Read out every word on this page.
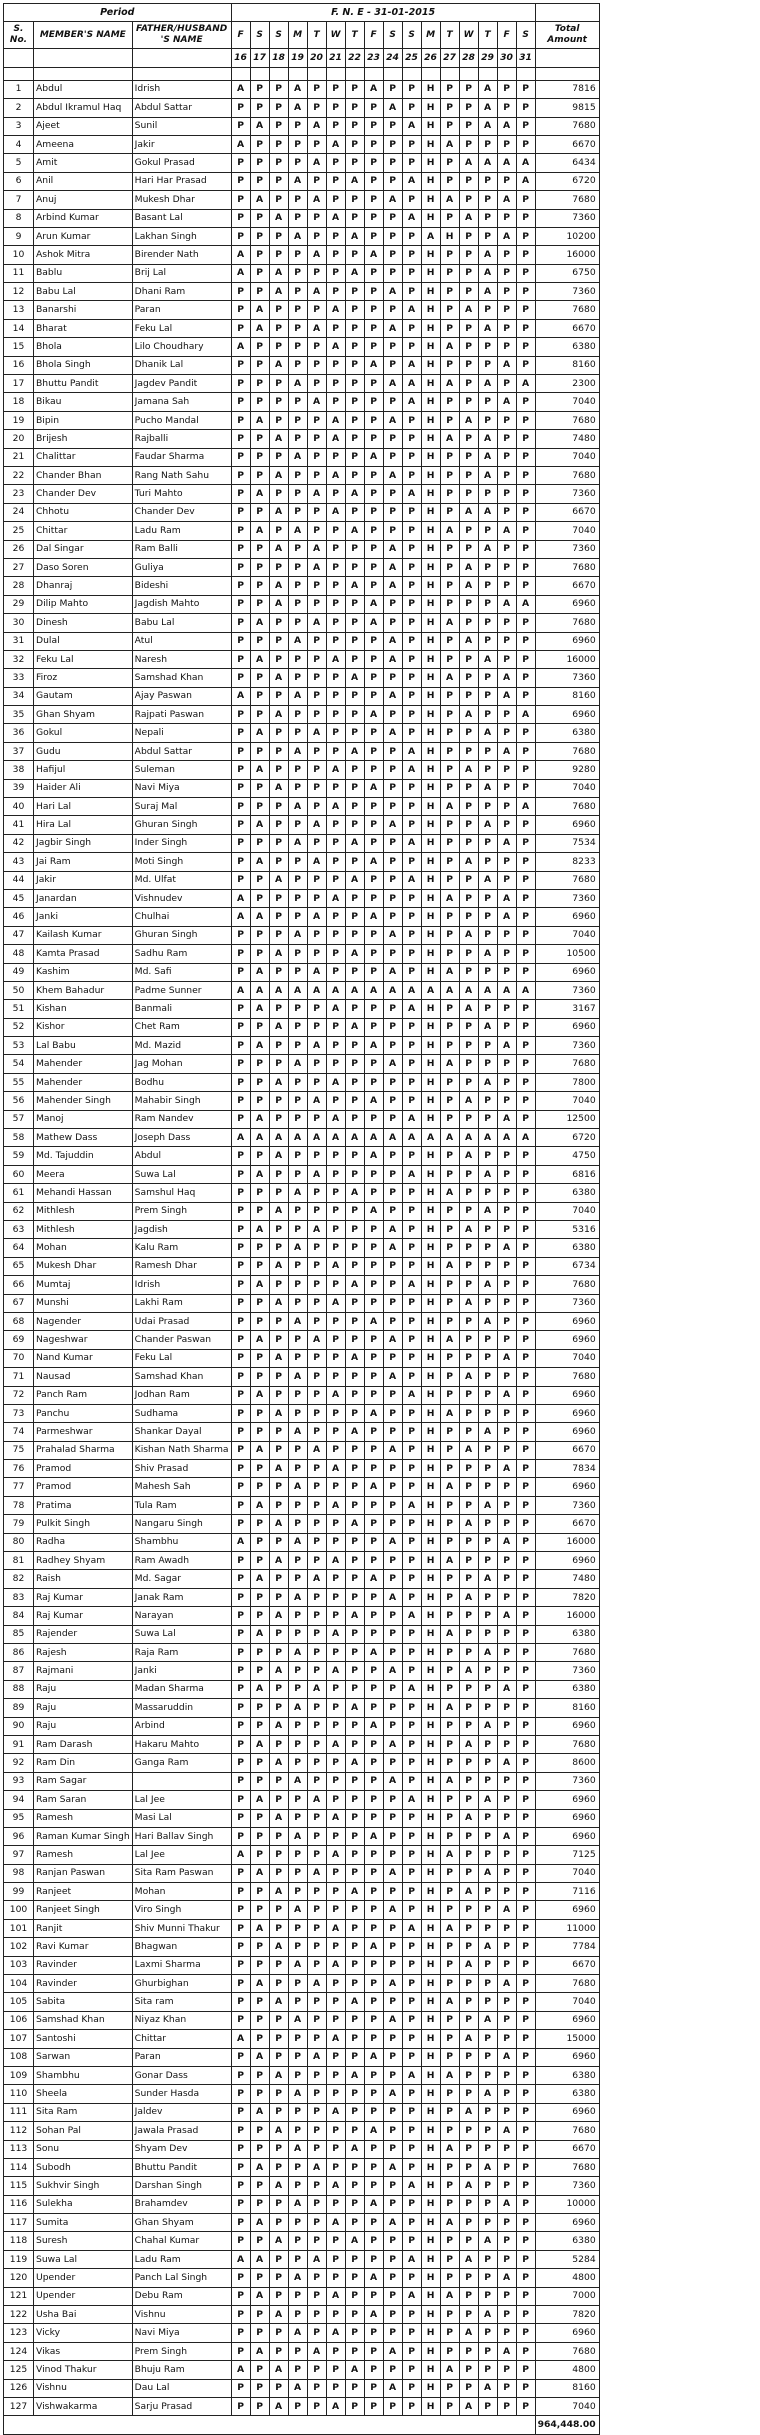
Period			F. N. E - 31-01-2015																
S. No.	MEMBER'S NAME	FATHER/HUSBAND 'S NAME	F	S	S	M	T	W	T	F	S	S	M	T	W	T	F	S	Total Amount
			16	17	18	19	20	21	22	23	24	25	26	27	28	29	30	31	

1	Abdul	Idrish	A	P	P	A	P	P	P	A	P	P	H	P	P	A	P	P	7816
2	Abdul Ikramul Haq	Abdul Sattar	P	P	P	A	P	P	P	P	A	P	H	P	P	A	P	P	9815
3	Ajeet	Sunil	P	A	P	P	A	P	P	P	P	A	H	P	P	A	A	P	7680
4	Ameena	Jakir	A	P	P	P	P	A	P	P	P	P	H	A	P	P	P	P	6670
5	Amit	Gokul Prasad	P	P	P	P	A	P	P	P	P	P	H	P	A	A	A	A	6434
6	Anil	Hari Har Prasad	P	P	P	A	P	P	A	P	P	A	H	P	P	P	P	A	6720
7	Anuj	Mukesh Dhar	P	A	P	P	A	P	P	P	A	P	H	A	P	P	A	P	7680
8	Arbind Kumar	Basant Lal	P	P	A	P	P	A	P	P	P	A	H	P	A	P	P	P	7360
9	Arun Kumar	Lakhan Singh	P	P	P	A	P	P	A	P	P	P	A	H	P	P	A	P	10200
10	Ashok Mitra	Birender Nath	A	P	P	P	A	P	P	A	P	P	H	P	P	A	P	P	16000
11	Bablu	Brij Lal	A	P	A	P	P	P	A	P	P	P	H	P	P	A	P	P	6750
12	Babu Lal	Dhani Ram	P	P	A	P	A	P	P	P	A	P	H	P	P	A	P	P	7360
13	Banarshi	Paran	P	A	P	P	P	A	P	P	P	A	H	P	A	P	P	P	7680
14	Bharat	Feku Lal	P	A	P	P	A	P	P	P	A	P	H	P	P	A	P	P	6670
15	Bhola	Lilo Choudhary	A	P	P	P	P	A	P	P	P	P	H	A	P	P	P	P	6380
16	Bhola Singh	Dhanik Lal	P	P	A	P	P	P	P	A	P	A	H	P	P	P	A	P	8160
17	Bhuttu Pandit	Jagdev Pandit	P	P	P	A	P	P	P	P	A	A	H	A	P	A	P	A	2300
18	Bikau	Jamana Sah	P	P	P	P	A	P	P	P	P	A	H	P	P	P	A	P	7040
19	Bipin	Pucho Mandal	P	A	P	P	P	A	P	P	A	P	H	P	A	P	P	P	7680
20	Brijesh	Rajballi	P	P	A	P	P	A	P	P	P	P	H	A	P	A	P	P	7480
21	Chalittar	Faudar Sharma	P	P	P	A	P	P	P	A	P	P	H	P	P	A	P	P	7040
22	Chander Bhan	Rang Nath Sahu	P	P	A	P	P	A	P	P	A	P	H	P	P	A	P	P	7680
23	Chander Dev	Turi Mahto	P	A	P	P	A	P	A	P	P	A	H	P	P	P	P	P	7360
24	Chhotu	Chander Dev	P	P	A	P	P	A	P	P	P	P	H	P	A	A	P	P	6670
25	Chittar	Ladu Ram	P	A	P	A	P	P	A	P	P	P	H	A	P	P	A	P	7040
26	Dal Singar	Ram Balli	P	P	A	P	A	P	P	P	A	P	H	P	P	A	P	P	7360
27	Daso Soren	Guliya	P	P	P	P	A	P	P	P	A	P	H	P	A	P	P	P	7680
28	Dhanraj	Bideshi	P	P	A	P	P	P	A	P	A	P	H	P	A	P	P	P	6670
29	Dilip Mahto	Jagdish Mahto	P	P	A	P	P	P	P	A	P	P	H	P	P	P	A	A	6960
30	Dinesh	Babu Lal	P	A	P	P	A	P	P	A	P	P	H	A	P	P	P	P	7680
31	Dulal	Atul	P	P	P	A	P	P	P	P	A	P	H	P	A	P	P	P	6960
32	Feku Lal	Naresh	P	A	P	P	P	A	P	P	A	P	H	P	P	A	P	P	16000
33	Firoz	Samshad Khan	P	P	A	P	P	P	A	P	P	P	H	A	P	P	A	P	7360
34	Gautam	Ajay Paswan	A	P	P	A	P	P	P	P	A	P	H	P	P	P	A	P	8160
35	Ghan Shyam	Rajpati Paswan	P	P	A	P	P	P	P	A	P	P	H	P	A	P	P	A	6960
36	Gokul	Nepali	P	A	P	P	A	P	P	P	A	P	H	P	P	A	P	P	6380
37	Gudu	Abdul Sattar	P	P	P	A	P	P	A	P	P	A	H	P	P	P	A	P	7680
38	Hafijul	Suleman	P	A	P	P	P	A	P	P	P	A	H	P	A	P	P	P	9280
39	Haider Ali	Navi Miya	P	P	A	P	P	P	P	A	P	P	H	P	P	A	P	P	7040
40	Hari Lal	Suraj Mal	P	P	P	A	P	A	P	P	P	P	H	A	P	P	P	A	7680
41	Hira Lal	Ghuran Singh	P	A	P	P	A	P	P	P	A	P	H	P	P	A	P	P	6960
42	Jagbir Singh	Inder Singh	P	P	P	A	P	P	A	P	P	A	H	P	P	P	A	P	7534
43	Jai Ram	Moti Singh	P	A	P	P	A	P	P	A	P	P	H	P	A	P	P	P	8233
44	Jakir	Md. Ulfat	P	P	A	P	P	P	A	P	P	A	H	P	P	A	P	P	7680
45	Janardan	Vishnudev	A	P	P	P	P	A	P	P	P	P	H	A	P	P	A	P	7360
46	Janki	Chulhai	A	A	P	P	A	P	P	A	P	P	H	P	P	P	A	P	6960
47	Kailash Kumar	Ghuran Singh	P	P	P	A	P	P	P	P	A	P	H	P	A	P	P	P	7040
48	Kamta Prasad	Sadhu Ram	P	P	A	P	P	P	A	P	P	P	H	P	P	A	P	P	10500
49	Kashim	Md. Safi	P	A	P	P	A	P	P	P	A	P	H	A	P	P	P	P	6960
50	Khem Bahadur	Padme Sunner	A	A	A	A	A	A	A	A	A	A	A	A	A	A	A	A	7360
51	Kishan	Banmali	P	A	P	P	P	A	P	P	P	A	H	P	A	P	P	P	3167
52	Kishor	Chet Ram	P	P	A	P	P	P	A	P	P	P	H	P	P	A	P	P	6960
53	Lal Babu	Md. Mazid	P	A	P	P	A	P	P	A	P	P	H	P	P	P	A	P	7360
54	Mahender	Jag Mohan	P	P	P	A	P	P	P	P	A	P	H	A	P	P	P	P	7680
55	Mahender	Bodhu	P	P	A	P	P	A	P	P	P	P	H	P	P	A	P	P	7800
56	Mahender Singh	Mahabir Singh	P	P	P	P	A	P	P	A	P	P	H	P	A	P	P	P	7040
57	Manoj	Ram Nandev	P	A	P	P	P	A	P	P	P	A	H	P	P	P	A	P	12500
58	Mathew Dass	Joseph Dass	A	A	A	A	A	A	A	A	A	A	A	A	A	A	A	A	6720
59	Md. Tajuddin	Abdul	P	P	A	P	P	P	P	A	P	P	H	P	A	P	P	P	4750
60	Meera	Suwa Lal	P	A	P	P	A	P	P	P	P	A	H	P	P	A	P	P	6816
61	Mehandi Hassan	Samshul Haq	P	P	P	A	P	P	A	P	P	P	H	A	P	P	P	P	6380
62	Mithlesh	Prem Singh	P	P	A	P	P	P	P	A	P	P	H	P	P	A	P	P	7040
63	Mithlesh	Jagdish	P	A	P	P	A	P	P	P	A	P	H	P	A	P	P	P	5316
64	Mohan	Kalu Ram	P	P	P	A	P	P	P	P	A	P	H	P	P	P	A	P	6380
65	Mukesh Dhar	Ramesh Dhar	P	P	A	P	P	A	P	P	P	P	H	A	P	P	P	P	6734
66	Mumtaj	Idrish	P	A	P	P	P	P	A	P	P	A	H	P	P	A	P	P	7680
67	Munshi	Lakhi Ram	P	P	A	P	P	A	P	P	P	P	H	P	A	P	P	P	7360
68	Nagender	Udai Prasad	P	P	P	A	P	P	P	A	P	P	H	P	P	A	P	P	6960
69	Nageshwar	Chander Paswan	P	A	P	P	A	P	P	P	A	P	H	A	P	P	P	P	6960
70	Nand Kumar	Feku Lal	P	P	A	P	P	P	A	P	P	P	H	P	P	P	A	P	7040
71	Nausad	Samshad Khan	P	P	P	A	P	P	P	P	A	P	H	P	A	P	P	P	7680
72	Panch Ram	Jodhan Ram	P	A	P	P	P	A	P	P	P	A	H	P	P	P	A	P	6960
73	Panchu	Sudhama	P	P	A	P	P	P	P	A	P	P	H	A	P	P	P	P	6960
74	Parmeshwar	Shankar Dayal	P	P	P	A	P	P	A	P	P	P	H	P	P	A	P	P	6960
75	Prahalad Sharma	Kishan Nath Sharma	P	A	P	P	A	P	P	P	A	P	H	P	A	P	P	P	6670
76	Pramod	Shiv Prasad	P	P	A	P	P	A	P	P	P	P	H	P	P	P	A	P	7834
77	Pramod	Mahesh Sah	P	P	P	A	P	P	P	A	P	P	H	A	P	P	P	P	6960
78	Pratima	Tula Ram	P	A	P	P	P	A	P	P	P	A	H	P	P	A	P	P	7360
79	Pulkit Singh	Nangaru Singh	P	P	A	P	P	P	A	P	P	P	H	P	A	P	P	P	6670
80	Radha	Shambhu	A	P	P	A	P	P	P	P	A	P	H	P	P	P	A	P	16000
81	Radhey Shyam	Ram Awadh	P	P	A	P	P	A	P	P	P	P	H	A	P	P	P	P	6960
82	Raish	Md. Sagar	P	A	P	P	A	P	P	A	P	P	H	P	P	A	P	P	7480
83	Raj Kumar	Janak Ram	P	P	P	A	P	P	P	P	A	P	H	P	A	P	P	P	7820
84	Raj Kumar	Narayan	P	P	A	P	P	P	A	P	P	A	H	P	P	P	A	P	16000
85	Rajender	Suwa Lal	P	A	P	P	P	A	P	P	P	P	H	A	P	P	P	P	6380
86	Rajesh	Raja Ram	P	P	P	A	P	P	P	A	P	P	H	P	P	A	P	P	7680
87	Rajmani	Janki	P	P	A	P	P	A	P	P	A	P	H	P	A	P	P	P	7360
88	Raju	Madan Sharma	P	A	P	P	A	P	P	P	P	A	H	P	P	P	A	P	6380
89	Raju	Massaruddin	P	P	P	A	P	P	A	P	P	P	H	A	P	P	P	P	8160
90	Raju	Arbind	P	P	A	P	P	P	P	A	P	P	H	P	P	A	P	P	6960
91	Ram Darash	Hakaru Mahto	P	A	P	P	P	A	P	P	A	P	H	P	A	P	P	P	7680
92	Ram Din	Ganga Ram	P	P	A	P	P	P	A	P	P	P	H	P	P	P	A	P	8600
93	Ram Sagar		P	P	P	A	P	P	P	P	A	P	H	A	P	P	P	P	7360
94	Ram Saran	Lal Jee	P	A	P	P	A	P	P	P	P	A	H	P	P	A	P	P	6960
95	Ramesh	Masi Lal	P	P	A	P	P	A	P	P	P	P	H	P	A	P	P	P	6960
96	Raman Kumar Singh	Hari Ballav Singh	P	P	P	A	P	P	P	A	P	P	H	P	P	P	A	P	6960
97	Ramesh	Lal Jee	A	P	P	P	P	A	P	P	P	P	H	A	P	P	P	P	7125
98	Ranjan Paswan	Sita Ram Paswan	P	A	P	P	A	P	P	P	A	P	H	P	P	A	P	P	7040
99	Ranjeet	Mohan	P	P	A	P	P	P	A	P	P	P	H	P	A	P	P	P	7116
100	Ranjeet Singh	Viro Singh	P	P	P	A	P	P	P	P	A	P	H	P	P	P	A	P	6960
101	Ranjit	Shiv Munni Thakur	P	A	P	P	P	A	P	P	P	A	H	A	P	P	P	P	11000
102	Ravi Kumar	Bhagwan	P	P	A	P	P	P	P	A	P	P	H	P	P	A	P	P	7784
103	Ravinder	Laxmi Sharma	P	P	P	A	P	A	P	P	P	P	H	P	A	P	P	P	6670
104	Ravinder	Ghurbighan	P	A	P	P	A	P	P	P	A	P	H	P	P	P	A	P	7680
105	Sabita	Sita ram	P	P	A	P	P	P	A	P	P	P	H	A	P	P	P	P	7040
106	Samshad Khan	Niyaz Khan	P	P	P	A	P	P	P	P	A	P	H	P	P	A	P	P	6960
107	Santoshi	Chittar	A	P	P	P	P	A	P	P	P	P	H	P	A	P	P	P	15000
108	Sarwan	Paran	P	A	P	P	A	P	P	A	P	P	H	P	P	P	A	P	6960
109	Shambhu	Gonar Dass	P	P	A	P	P	P	A	P	P	A	H	A	P	P	P	P	6380
110	Sheela	Sunder Hasda	P	P	P	A	P	P	P	P	A	P	H	P	P	A	P	P	6380
111	Sita Ram	Jaldev	P	A	P	P	P	A	P	P	P	P	H	P	A	P	P	P	6960
112	Sohan Pal	Jawala Prasad	P	P	A	P	P	P	P	A	P	P	H	P	P	P	A	P	7680
113	Sonu	Shyam Dev	P	P	P	A	P	P	A	P	P	P	H	A	P	P	P	P	6670
114	Subodh	Bhuttu Pandit	P	A	P	P	A	P	P	P	A	P	H	P	P	A	P	P	7680
115	Sukhvir Singh	Darshan Singh	P	P	A	P	P	A	P	P	P	A	H	P	A	P	P	P	7360
116	Sulekha	Brahamdev	P	P	P	A	P	P	P	A	P	P	H	P	P	P	A	P	10000
117	Sumita	Ghan Shyam	P	A	P	P	P	A	P	P	A	P	H	A	P	P	P	P	6960
118	Suresh	Chahal Kumar	P	P	A	P	P	P	A	P	P	P	H	P	P	A	P	P	6380
119	Suwa Lal	Ladu Ram	A	A	P	P	A	P	P	P	P	A	H	P	A	P	P	P	5284
120	Upender	Panch Lal Singh	P	P	P	A	P	P	P	A	P	P	H	P	P	P	A	P	4800
121	Upender	Debu Ram	P	A	P	P	P	A	P	P	P	A	H	A	P	P	P	P	7000
122	Usha Bai	Vishnu	P	P	A	P	P	P	P	A	P	P	H	P	P	A	P	P	7820
123	Vicky	Navi Miya	P	P	P	A	P	A	P	P	P	P	H	P	A	P	P	P	6960
124	Vikas	Prem Singh	P	A	P	P	A	P	P	P	A	P	H	P	P	P	A	P	7680
125	Vinod Thakur	Bhuju Ram	A	P	A	P	P	P	A	P	P	P	H	A	P	P	P	P	4800
126	Vishnu	Dau Lal	P	P	P	A	P	P	P	P	A	P	H	P	P	A	P	P	8160
127	Vishwakarma	Sarju Prasad	P	P	A	P	P	A	P	P	P	P	H	P	A	P	P	P	7040
																			964,448.00
